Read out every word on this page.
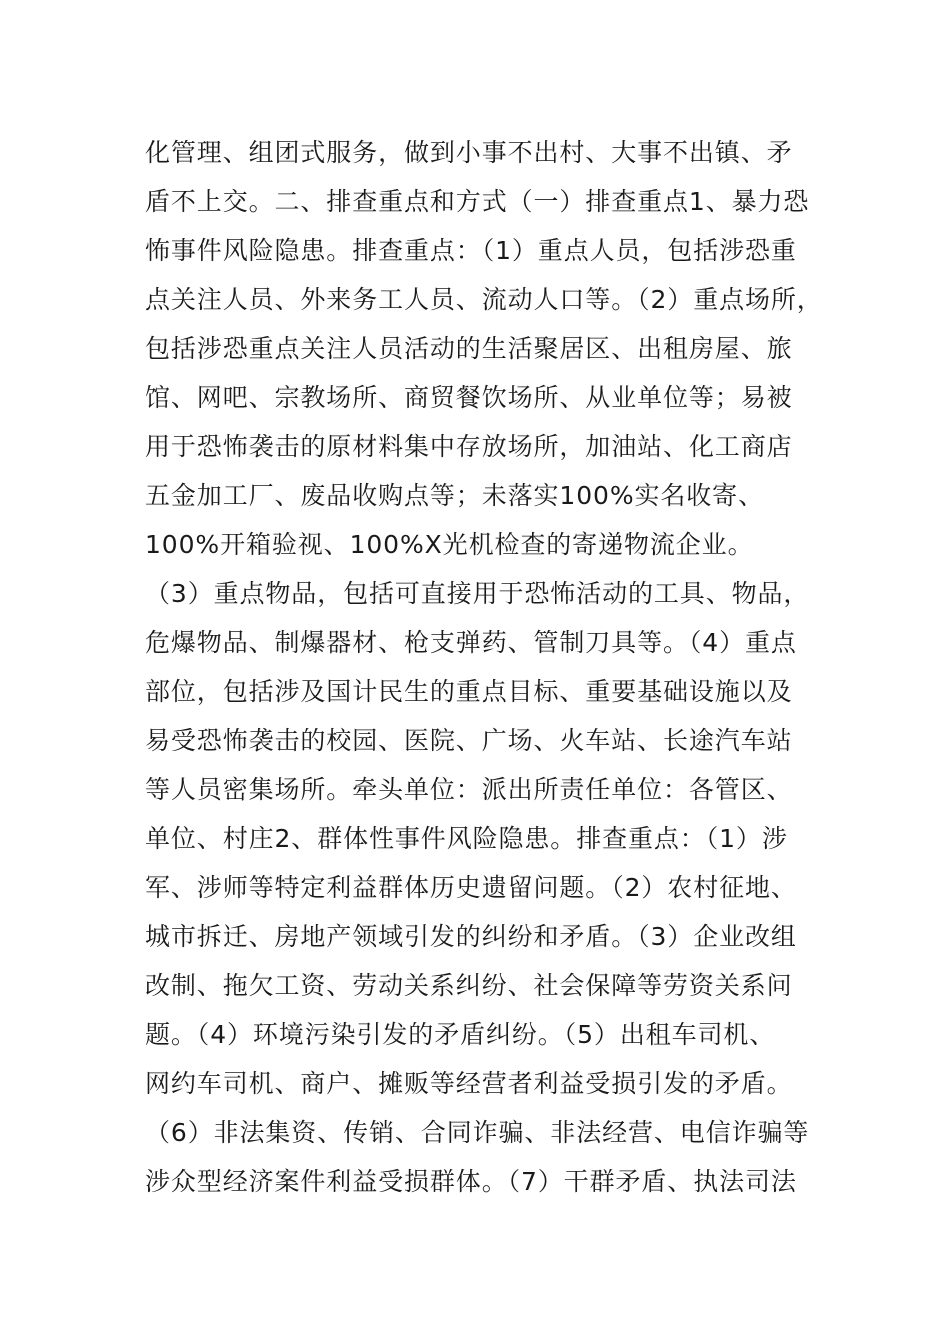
化管理、组团式服务，做到小事不出村、大事不出镇、矛
盾不上交。二、排查重点和方式（一）排查重点1、暴力恐
怖事件风险隐患。排查重点：（1）重点人员，包括涉恐重
点关注人员、外来务工人员、流动人口等。（2）重点场所，
包括涉恐重点关注人员活动的生活聚居区、出租房屋、旅
馆、网吧、宗教场所、商贸餐饮场所、从业单位等；易被
用于恐怖袭击的原材料集中存放场所，加油站、化工商店
五金加工厂、废品收购点等；未落实100%实名收寄、
100%开箱验视、100%X光机检查的寄递物流企业。
（3）重点物品，包括可直接用于恐怖活动的工具、物品，
危爆物品、制爆器材、枪支弹药、管制刀具等。（4）重点
部位，包括涉及国计民生的重点目标、重要基础设施以及
易受恐怖袭击的校园、医院、广场、火车站、长途汽车站
等人员密集场所。牵头单位：派出所责任单位：各管区、
单位、村庄2、群体性事件风险隐患。排查重点：（1）涉
军、涉师等特定利益群体历史遗留问题。（2）农村征地、
城市拆迁、房地产领域引发的纠纷和矛盾。（3）企业改组
改制、拖欠工资、劳动关系纠纷、社会保障等劳资关系问
题。（4）环境污染引发的矛盾纠纷。（5）出租车司机、
网约车司机、商户、摊贩等经营者利益受损引发的矛盾。
（6）非法集资、传销、合同诈骗、非法经营、电信诈骗等
涉众型经济案件利益受损群体。（7）干群矛盾、执法司法
